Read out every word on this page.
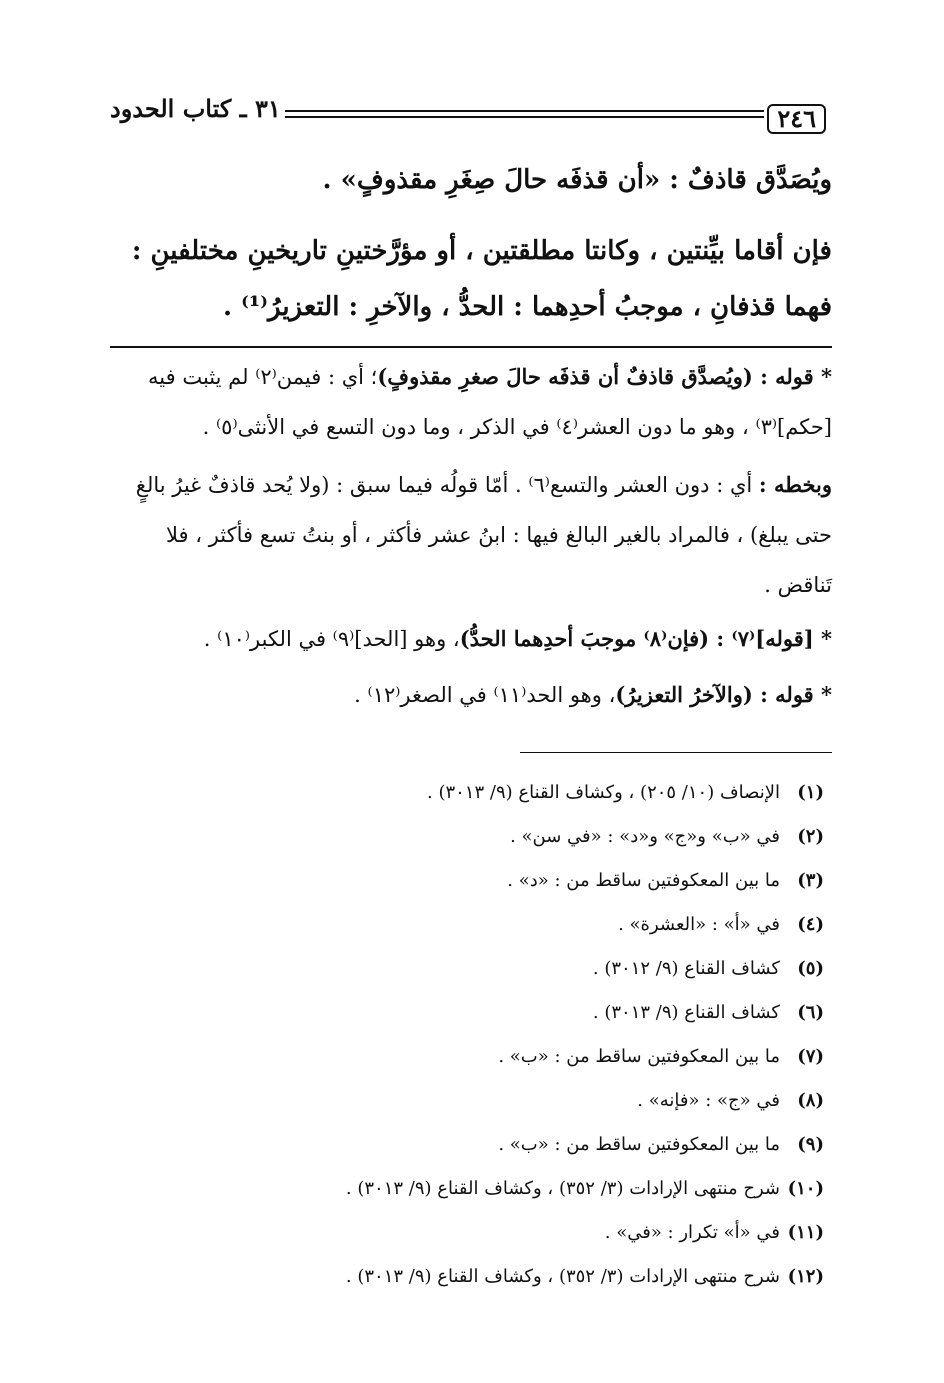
٢٤٦
٣١ ـ كتاب الحدود
ويُصَدَّق قاذفٌ : «أن قذفَه حالَ صِغَرِ مقذوفٍ» .
فإن أقاما بيِّنتين ، وكانتا مطلقتين ، أو مؤرَّختينِ تاريخينِ مختلفينِ :
فهما قذفانِ ، موجبُ أحدِهما : الحدُّ ، والآخرِ : التعزيرُ⁽¹⁾ .
* قوله : (ويُصدَّق قاذفٌ أن قذفَه حالَ صغرِ مقذوفٍ)؛ أي : فيمن⁽٢⁾ لم يثبت فيه [حكم]⁽٣⁾ ، وهو ما دون العشر⁽٤⁾ في الذكر ، وما دون التسع في الأنثى⁽٥⁾ .
وبخطه : أي : دون العشر والتسع⁽٦⁾ . أمّا قولُه فيما سبق : (ولا يُحد قاذفٌ غيرُ بالغٍ حتى يبلغ) ، فالمراد بالغير البالغ فيها : ابنُ عشر فأكثر ، أو بنتُ تسع فأكثر ، فلا تَناقض .
* [قوله]⁽٧⁾ : (فإن⁽٨⁾ موجبَ أحدِهما الحدُّ)، وهو [الحد]⁽٩⁾ في الكبر⁽١٠⁾ .
* قوله : (والآخرُ التعزيرُ)، وهو الحد⁽١١⁾ في الصغر⁽١٢⁾ .
(١)
الإنصاف (١٠/ ٢٠٥) ، وكشاف القناع (٩/ ٣٠١٣) .
(٢)
في «ب» و«ج» و«د» : «في سن» .
(٣)
ما بين المعكوفتين ساقط من : «د» .
(٤)
في «أ» : «العشرة» .
(٥)
كشاف القناع (٩/ ٣٠١٢) .
(٦)
كشاف القناع (٩/ ٣٠١٣) .
(٧)
ما بين المعكوفتين ساقط من : «ب» .
(٨)
في «ج» : «فإنه» .
(٩)
ما بين المعكوفتين ساقط من : «ب» .
(١٠)
شرح منتهى الإرادات (٣/ ٣٥٢) ، وكشاف القناع (٩/ ٣٠١٣) .
(١١)
في «أ» تكرار : «في» .
(١٢)
شرح منتهى الإرادات (٣/ ٣٥٢) ، وكشاف القناع (٩/ ٣٠١٣) .
